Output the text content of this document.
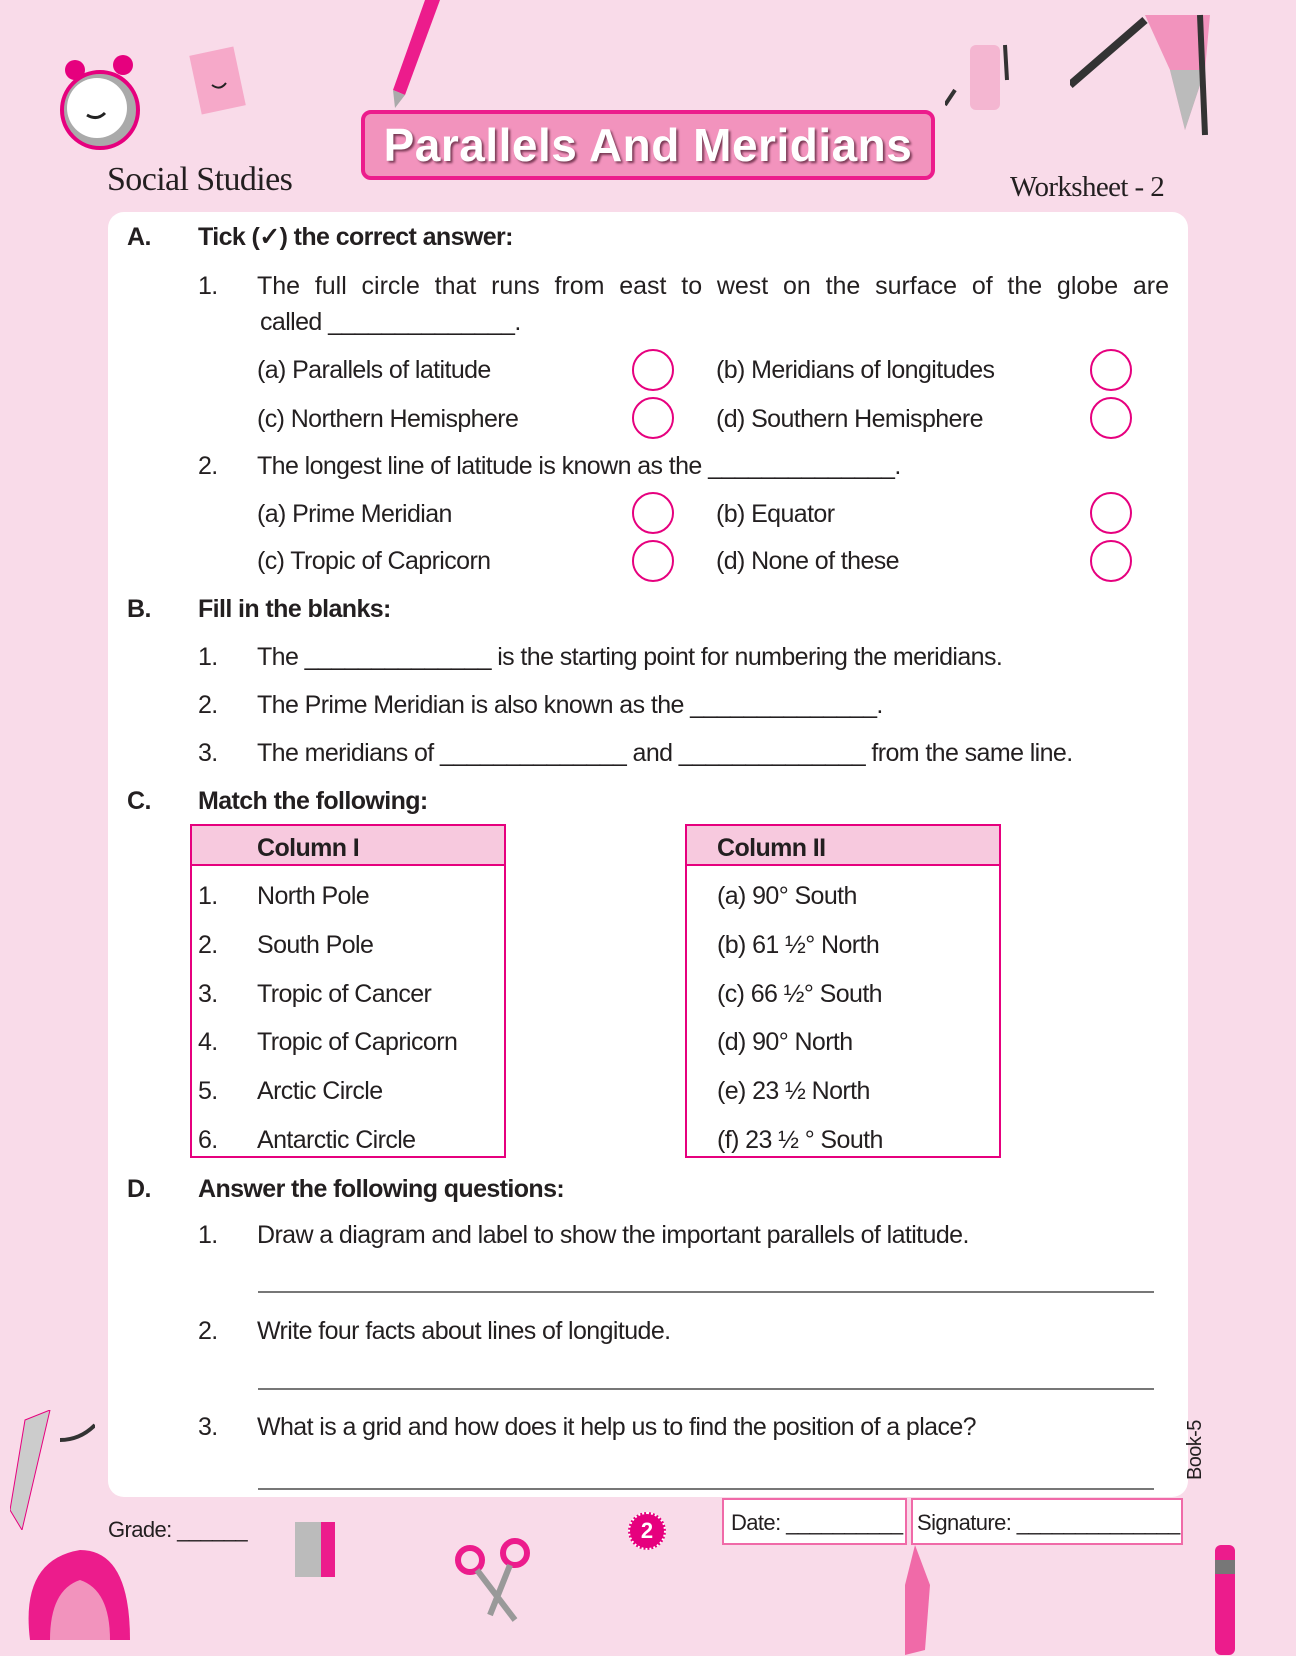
Social Studies
Parallels And Meridians
Worksheet - 2
A. Tick (✓) the correct answer:
1. The full circle that runs from east to west on the surface of the globe are
called ______________.
(a) Parallels of latitude	(b) Meridians of longitudes
(c) Northern Hemisphere	(d) Southern Hemisphere
2. The longest line of latitude is known as the ______________.
(a) Prime Meridian	(b) Equator
(c) Tropic of Capricorn	(d) None of these
B. Fill in the blanks:
1. The ______________ is the starting point for numbering the meridians.
2. The Prime Meridian is also known as the ______________.
3. The meridians of ______________ and ______________ from the same line.
C. Match the following:
Column I	Column II
1. North Pole	(a) 90° South
2. South Pole	(b) 61 ½° North
3. Tropic of Cancer	(c) 66 ½° South
4. Tropic of Capricorn	(d) 90° North
5. Arctic Circle	(e) 23 ½ North
6. Antarctic Circle	(f) 23 ½ ° South
D. Answer the following questions:
1. Draw a diagram and label to show the important parallels of latitude.
2. Write four facts about lines of longitude.
3. What is a grid and how does it help us to find the position of a place?
Grade: ______	2	Date: __________ Signature: ______________
Book-5
